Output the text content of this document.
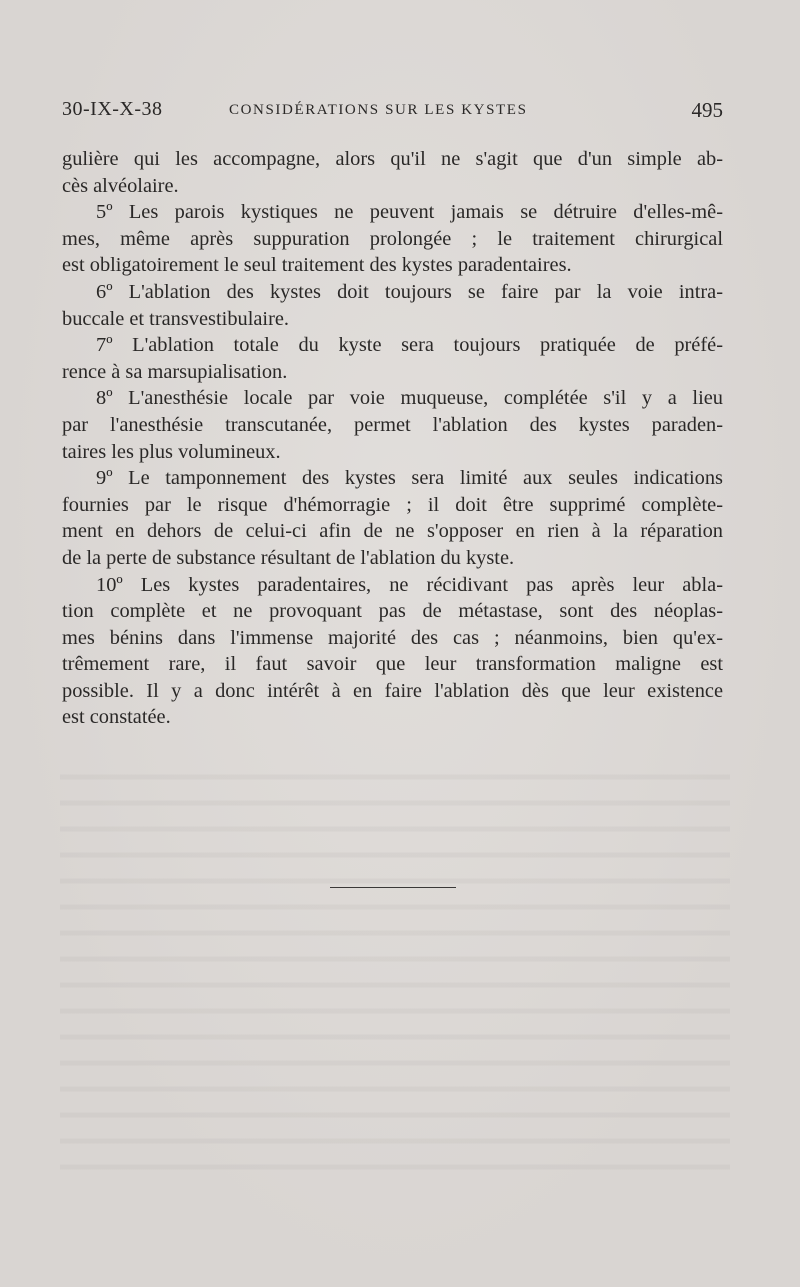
30-IX-X-38	CONSIDÉRATIONS SUR LES KYSTES	495
gulière qui les accompagne, alors qu'il ne s'agit que d'un simple ab-
cès alvéolaire.
5º Les parois kystiques ne peuvent jamais se détruire d'elles-mê-
mes, même après suppuration prolongée ; le traitement chirurgical
est obligatoirement le seul traitement des kystes paradentaires.
6º L'ablation des kystes doit toujours se faire par la voie intra-
buccale et transvestibulaire.
7º L'ablation totale du kyste sera toujours pratiquée de préfé-
rence à sa marsupialisation.
8º L'anesthésie locale par voie muqueuse, complétée s'il y a lieu
par l'anesthésie transcutanée, permet l'ablation des kystes paraden-
taires les plus volumineux.
9º Le tamponnement des kystes sera limité aux seules indications
fournies par le risque d'hémorragie ; il doit être supprimé complète-
ment en dehors de celui-ci afin de ne s'opposer en rien à la réparation
de la perte de substance résultant de l'ablation du kyste.
10º Les kystes paradentaires, ne récidivant pas après leur abla-
tion complète et ne provoquant pas de métastase, sont des néoplas-
mes bénins dans l'immense majorité des cas ; néanmoins, bien qu'ex-
trêmement rare, il faut savoir que leur transformation maligne est
possible. Il y a donc intérêt à en faire l'ablation dès que leur existence
est constatée.
